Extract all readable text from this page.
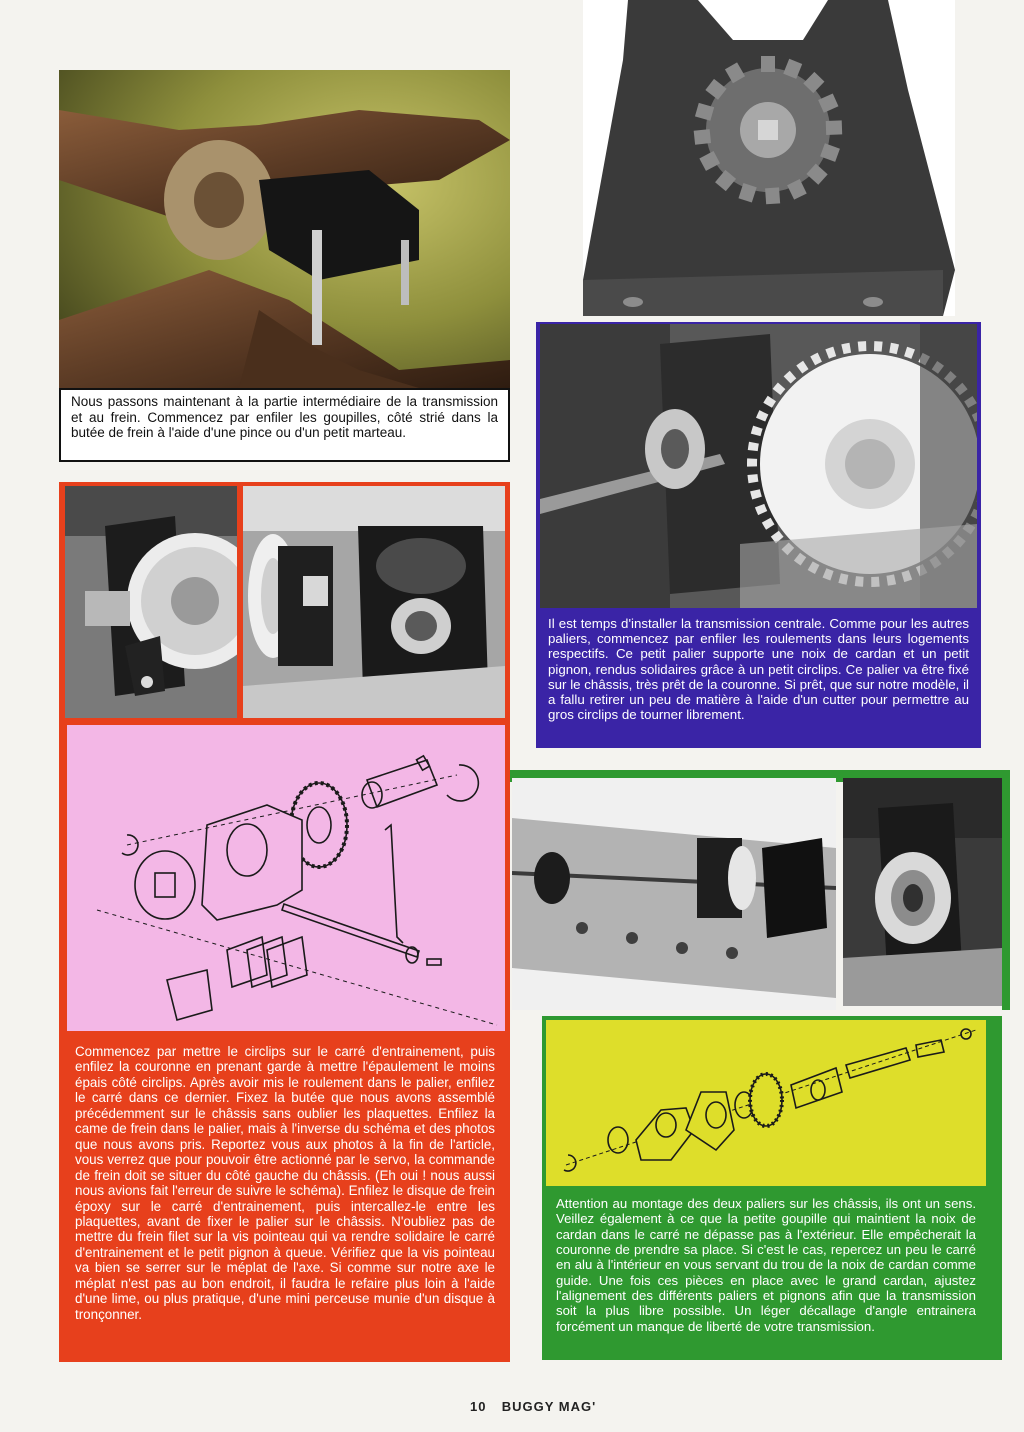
Nous passons maintenant à la partie intermédiaire de la transmission et au frein. Commencez par enfiler les goupilles, côté strié dans la butée de frein à l'aide d'une pince ou d'un petit marteau.
Il est temps d'installer la transmission centrale. Comme pour les autres paliers, commencez par enfiler les roulements dans leurs logements respectifs. Ce petit palier supporte une noix de cardan et un petit pignon, rendus solidaires grâce à un petit circlips. Ce palier va être fixé sur le châssis, très prêt de la couronne. Si prêt, que sur notre modèle, il a fallu retirer un peu de matière à l'aide d'un cutter pour permettre au gros circlips de tourner librement.
Commencez par mettre le circlips sur le carré d'entrainement, puis enfilez la couronne en prenant garde à mettre l'épaulement le moins épais côté circlips. Après avoir mis le roulement dans le palier, enfilez le carré dans ce dernier. Fixez la butée que nous avons assemblé précédemment sur le châssis sans oublier les plaquettes. Enfilez la came de frein dans le palier, mais à l'inverse du schéma et des photos que nous avons pris. Reportez vous aux photos à la fin de l'article, vous verrez que pour pouvoir être actionné par le servo, la commande de frein doit se situer du côté gauche du châssis. (Eh oui ! nous aussi nous avions fait l'erreur de suivre le schéma). Enfilez le disque de frein époxy sur le carré d'entrainement, puis intercallez-le entre les plaquettes, avant de fixer le palier sur le châssis. N'oubliez pas de mettre du frein filet sur la vis pointeau qui va rendre solidaire le carré d'entrainement et le petit pignon à queue. Vérifiez que la vis pointeau va bien se serrer sur le méplat de l'axe. Si comme sur notre axe le méplat n'est pas au bon endroit, il faudra le refaire plus loin à l'aide d'une lime, ou plus pratique, d'une mini perceuse munie d'un disque à tronçonner.
Attention au montage des deux paliers sur les châssis, ils ont un sens. Veillez également à ce que la petite goupille qui maintient la noix de cardan dans le carré ne dépasse pas à l'extérieur. Elle empêcherait la couronne de prendre sa place. Si c'est le cas, repercez un peu le carré en alu à l'intérieur en vous servant du trou de la noix de cardan comme guide. Une fois ces pièces en place avec le grand cardan, ajustez l'alignement des différents paliers et pignons afin que la transmission soit la plus libre possible. Un léger décallage d'angle entrainera forcément un manque de liberté de votre transmission.
10 BUGGY MAG'
